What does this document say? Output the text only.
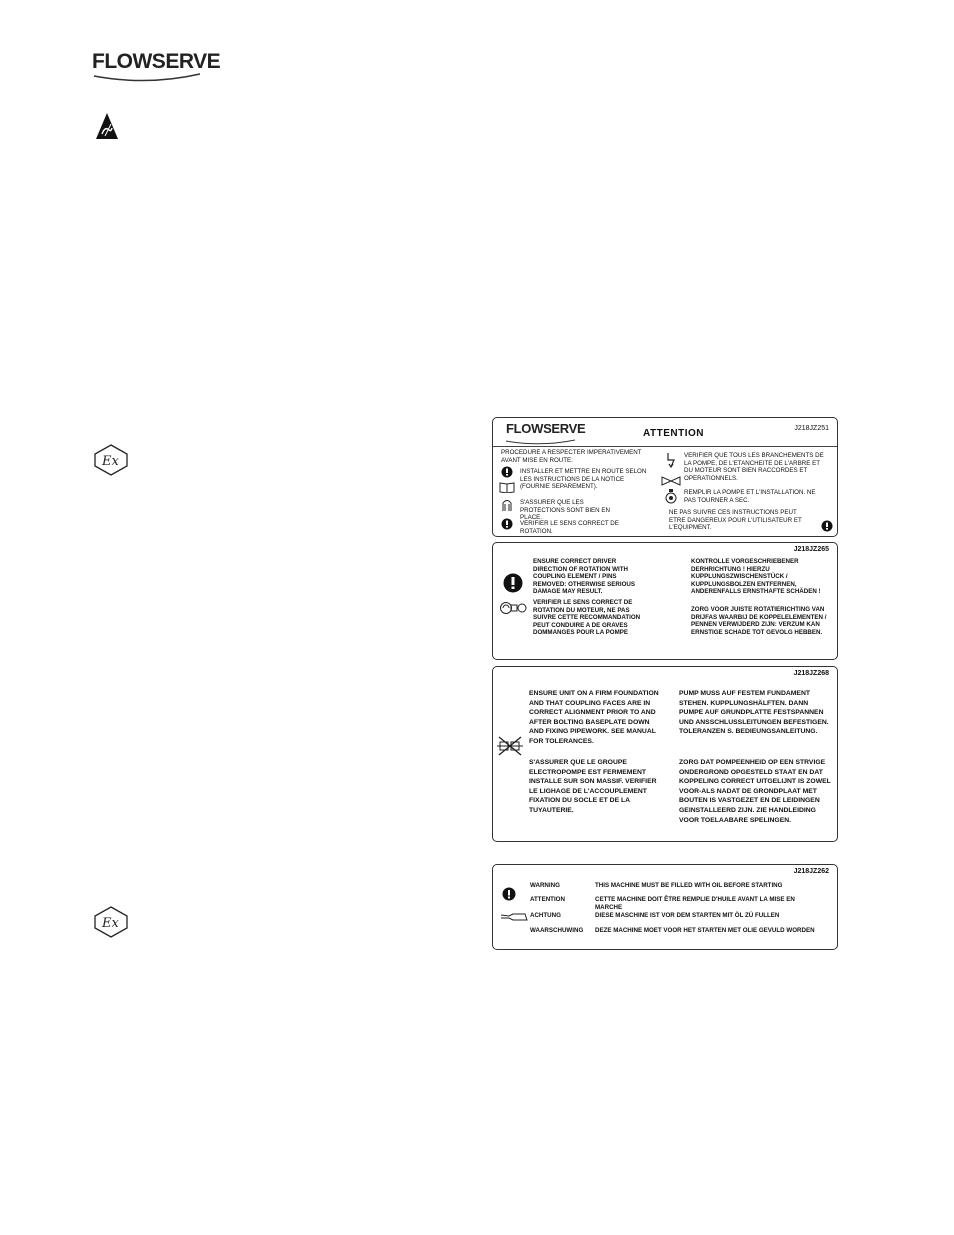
FLOWSERVE
Ex
Ex
FLOWSERVE	ATTENTION	J218JZ251

PROCEDURE A RESPECTER IMPERATIVEMENT AVANT MISE EN ROUTE:

INSTALLER ET METTRE EN ROUTE SELON LES INSTRUCTIONS DE LA NOTICE (FOURNIE SEPAREMENT).

S'ASSURER QUE LES PROTECTIONS SONT BIEN EN PLACE.

VERIFIER LE SENS CORRECT DE ROTATION.

VERIFIER QUE TOUS LES BRANCHEMENTS DE LA POMPE, DE L'ETANCHEITE DE L'ARBRE ET DU MOTEUR SONT BIEN RACCORDES ET OPERATIONNELS.

REMPLIR LA POMPE ET L'INSTALLATION. NE PAS TOURNER A SEC.

NE PAS SUIVRE CES INSTRUCTIONS PEUT ETRE DANGEREUX POUR L'UTILISATEUR ET L'EQUIPMENT.

J218JZ265

ENSURE CORRECT DRIVER DIRECTION OF ROTATION WITH COUPLING ELEMENT / PINS REMOVED: OTHERWISE SERIOUS DAMAGE MAY RESULT.

VERIFIER LE SENS CORRECT DE ROTATION DU MOTEUR, NE PAS SUIVRE CETTE RECOMMANDATION PEUT CONDUIRE A DE GRAVES DOMMANGES POUR LA POMPE

KONTROLLE VORGESCHRIEBENER DERHRICHTUNG ! HIERZU KUPPLUNGSZWISCHENSTÜCK / KUPPLUNGSBOLZEN ENTFERNEN, ANDERENFALLS ERNSTHAFTE SCHÄDEN !

ZORG VOOR JUISTE ROTATIERICHTING VAN DRIJFAS WAARBIJ DE KOPPELELEMENTEN / PENNEN VERWIJDERD ZIJN: VERZUM KAN ERNSTIGE SCHADE TOT GEVOLG HEBBEN.

J218JZ268

ENSURE UNIT ON A FIRM FOUNDATION AND THAT COUPLING FACES ARE IN CORRECT ALIGNMENT PRIOR TO AND AFTER BOLTING BASEPLATE DOWN AND FIXING PIPEWORK. SEE MANUAL FOR TOLERANCES.

S'ASSURER QUE LE GROUPE ELECTROPOMPE EST FERMEMENT INSTALLE SUR SON MASSIF. VERIFIER LE LIGHAGE DE L'ACCOUPLEMENT FIXATION DU SOCLE ET DE LA TUYAUTERIE.

PUMP MUSS AUF FESTEM FUNDAMENT STEHEN. KUPPLUNGSHÄLFTEN. DANN PUMPE AUF GRUNDPLATTE FESTSPANNEN UND ANSSCHLUSSLEITUNGEN BEFESTIGEN. TOLERANZEN S. BEDIEUNGSANLEITUNG.

ZORG DAT POMPEENHEID OP EEN STRVIGE ONDERGROND OPGESTELD STAAT EN DAT KOPPELING CORRECT UITGELIJNT IS ZOWEL VOOR-ALS NADAT DE GRONDPLAAT MET BOUTEN IS VASTGEZET EN DE LEIDINGEN GEINSTALLEERD ZIJN. ZIE HANDLEIDING VOOR TOELAABARE SPELINGEN.

J218JZ262

WARNING	THIS MACHINE MUST BE FILLED WITH OIL BEFORE STARTING

ATTENTION	CETTE MACHINE DOIT ÊTRE REMPLIE D'HUILE AVANT LA MISE EN MARCHE

ACHTUNG	DIESE MASCHINE IST VOR DEM STARTEN MIT ÖL ZÜ FULLEN

WAARSCHUWING	DEZE MACHINE MOET VOOR HET STARTEN MET OLIE GEVULD WORDEN
